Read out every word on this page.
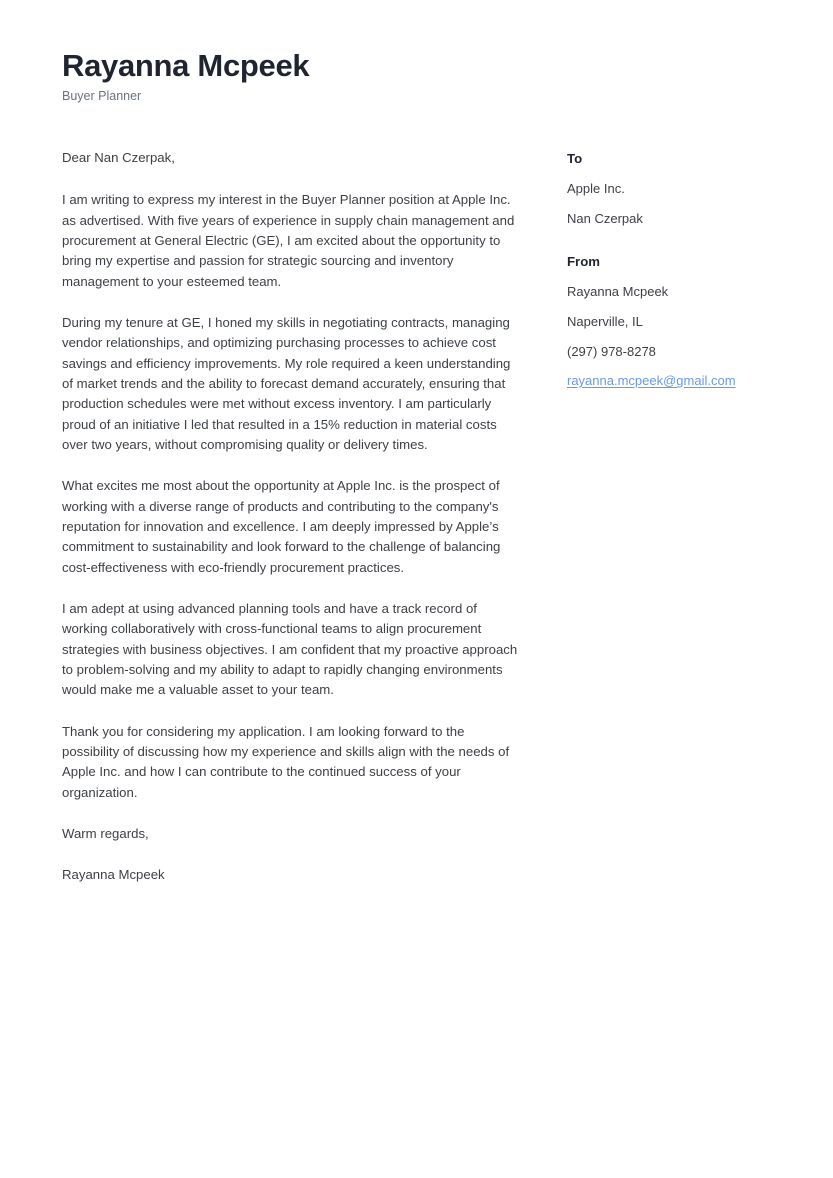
Rayanna Mcpeek

Buyer Planner

Dear Nan Czerpak,

I am writing to express my interest in the Buyer Planner position at Apple Inc. as advertised. With five years of experience in supply chain management and procurement at General Electric (GE), I am excited about the opportunity to bring my expertise and passion for strategic sourcing and inventory management to your esteemed team.

During my tenure at GE, I honed my skills in negotiating contracts, managing vendor relationships, and optimizing purchasing processes to achieve cost savings and efficiency improvements. My role required a keen understanding of market trends and the ability to forecast demand accurately, ensuring that production schedules were met without excess inventory. I am particularly proud of an initiative I led that resulted in a 15% reduction in material costs over two years, without compromising quality or delivery times.

What excites me most about the opportunity at Apple Inc. is the prospect of working with a diverse range of products and contributing to the company's reputation for innovation and excellence. I am deeply impressed by Apple’s commitment to sustainability and look forward to the challenge of balancing cost-effectiveness with eco-friendly procurement practices.

I am adept at using advanced planning tools and have a track record of working collaboratively with cross-functional teams to align procurement strategies with business objectives. I am confident that my proactive approach to problem-solving and my ability to adapt to rapidly changing environments would make me a valuable asset to your team.

Thank you for considering my application. I am looking forward to the possibility of discussing how my experience and skills align with the needs of Apple Inc. and how I can contribute to the continued success of your organization.

Warm regards,

Rayanna Mcpeek

To

Apple Inc.

Nan Czerpak

From

Rayanna Mcpeek

Naperville, IL

(297) 978-8278

rayanna.mcpeek@gmail.com
